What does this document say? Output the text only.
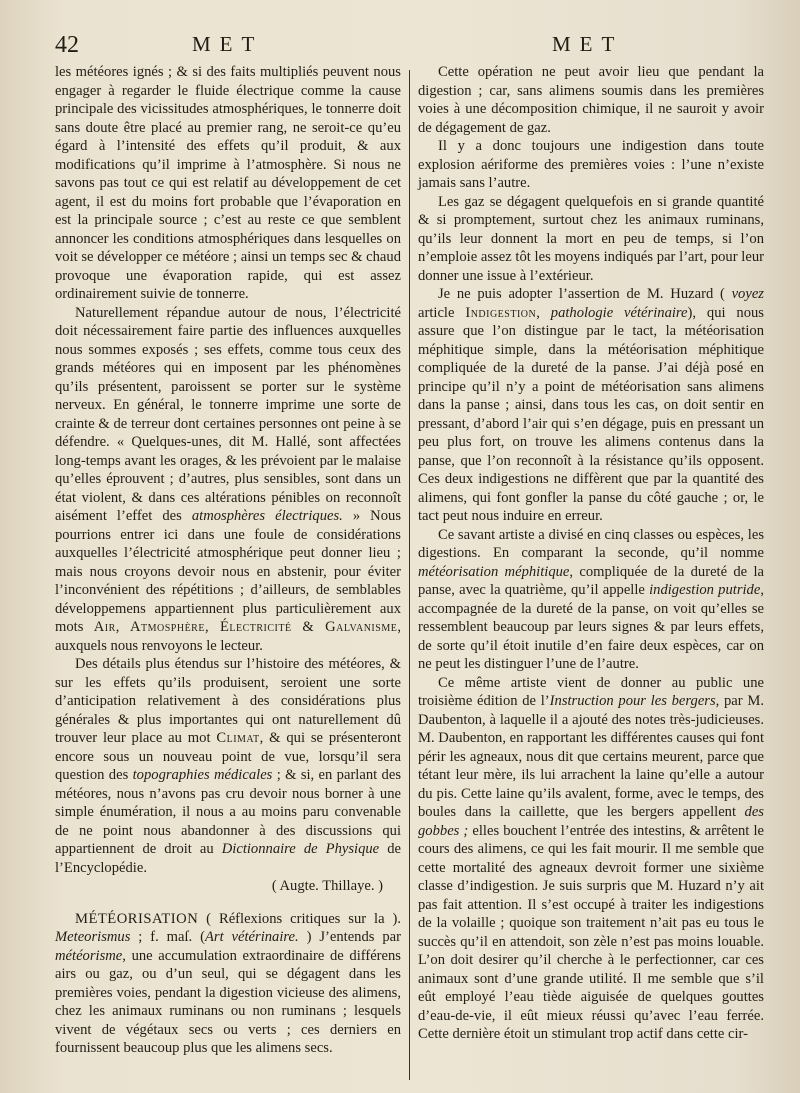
42	MET	MET

les météores ignés ; & si des faits multipliés peuvent nous engager à regarder le fluide électrique comme la cause principale des vicissitudes atmosphériques, le tonnerre doit sans doute être placé au premier rang, ne seroit-ce qu’eu égard à l’intensité des effets qu’il produit, & aux modifications qu’il imprime à l’atmosphère. Si nous ne savons pas tout ce qui est relatif au développement de cet agent, il est du moins fort probable que l’évaporation en est la principale source ; c’est au reste ce que semblent annoncer les conditions atmosphériques dans lesquelles on voit se développer ce météore ; ainsi un temps sec & chaud provoque une évaporation rapide, qui est assez ordinairement suivie de tonnerre.

Naturellement répandue autour de nous, l’électricité doit nécessairement faire partie des influences auxquelles nous sommes exposés ; ses effets, comme tous ceux des grands météores qui en imposent par les phénomènes qu’ils présentent, paroissent se porter sur le système nerveux. En général, le tonnerre imprime une sorte de crainte & de terreur dont certaines personnes ont peine à se défendre. « Quelques-unes, dit M. Hallé, sont affectées long-temps avant les orages, & les prévoient par le malaise qu’elles éprouvent ; d’autres, plus sensibles, sont dans un état violent, & dans ces altérations pénibles on reconnoît aisément l’effet des atmosphères électriques. » Nous pourrions entrer ici dans une foule de considérations auxquelles l’électricité atmosphérique peut donner lieu ; mais nous croyons devoir nous en abstenir, pour éviter l’inconvénient des répétitions ; d’ailleurs, de semblables développemens appartiennent plus particulièrement aux mots Air, Atmosphère, Électricité & Galvanisme, auxquels nous renvoyons le lecteur.

Des détails plus étendus sur l’histoire des météores, & sur les effets qu’ils produisent, seroient une sorte d’anticipation relativement à des considérations plus générales & plus importantes qui ont naturellement dû trouver leur place au mot Climat, & qui se présenteront encore sous un nouveau point de vue, lorsqu’il sera question des topographies médicales ; & si, en parlant des météores, nous n’avons pas cru devoir nous borner à une simple énumération, il nous a au moins paru convenable de ne point nous abandonner à des discussions qui appartiennent de droit au Dictionnaire de Physique de l’Encyclopédie.

( Augte. Thillaye. )

MÉTÉORISATION ( Réflexions critiques sur la ). Meteorismus ; f. maſ. (Art vétérinaire. ) J’entends par météorisme, une accumulation extraordinaire de différens airs ou gaz, ou d’un seul, qui se dégagent dans les premières voies, pendant la digestion vicieuse des alimens, chez les animaux ruminans ou non ruminans ; lesquels vivent de végétaux secs ou verts ; ces derniers en fournissent beaucoup plus que les alimens secs.

Cette opération ne peut avoir lieu que pendant la digestion ; car, sans alimens soumis dans les premières voies à une décomposition chimique, il ne sauroit y avoir de dégagement de gaz.

Il y a donc toujours une indigestion dans toute explosion aériforme des premières voies : l’une n’existe jamais sans l’autre.

Les gaz se dégagent quelquefois en si grande quantité & si promptement, surtout chez les animaux ruminans, qu’ils leur donnent la mort en peu de temps, si l’on n’emploie assez tôt les moyens indiqués par l’art, pour leur donner une issue à l’extérieur.

Je ne puis adopter l’assertion de M. Huzard ( voyez article Indigestion, pathologie vétérinaire), qui nous assure que l’on distingue par le tact, la météorisation méphitique simple, dans la météorisation méphitique compliquée de la dureté de la panse. J’ai déjà posé en principe qu’il n’y a point de météorisation sans alimens dans la panse ; ainsi, dans tous les cas, on doit sentir en pressant, d’abord l’air qui s’en dégage, puis en pressant un peu plus fort, on trouve les alimens contenus dans la panse, que l’on reconnoît à la résistance qu’ils opposent. Ces deux indigestions ne diffèrent que par la quantité des alimens, qui font gonfler la panse du côté gauche ; or, le tact peut nous induire en erreur.

Ce savant artiste a divisé en cinq classes ou espèces, les digestions. En comparant la seconde, qu’il nomme météorisation méphitique, compliquée de la dureté de la panse, avec la quatrième, qu’il appelle indigestion putride, accompagnée de la dureté de la panse, on voit qu’elles se ressemblent beaucoup par leurs signes & par leurs effets, de sorte qu’il étoit inutile d’en faire deux espèces, car on ne peut les distinguer l’une de l’autre.

Ce même artiste vient de donner au public une troisième édition de l’Instruction pour les bergers, par M. Daubenton, à laquelle il a ajouté des notes très-judicieuses. M. Daubenton, en rapportant les différentes causes qui font périr les agneaux, nous dit que certains meurent, parce que tétant leur mère, ils lui arrachent la laine qu’elle a autour du pis. Cette laine qu’ils avalent, forme, avec le temps, des boules dans la caillette, que les bergers appellent des gobbes ; elles bouchent l’entrée des intestins, & arrêtent le cours des alimens, ce qui les fait mourir. Il me semble que cette mortalité des agneaux devroit former une sixième classe d’indigestion. Je suis surpris que M. Huzard n’y ait pas fait attention. Il s’est occupé à traiter les indigestions de la volaille ; quoique son traitement n’ait pas eu tous le succès qu’il en attendoit, son zèle n’est pas moins louable. L’on doit desirer qu’il cherche à le perfectionner, car ces animaux sont d’une grande utilité. Il me semble que s’il eût employé l’eau tiède aiguisée de quelques gouttes d’eau-de-vie, il eût mieux réussi qu’avec l’eau ferrée. Cette dernière étoit un stimulant trop actif dans cette cir-
